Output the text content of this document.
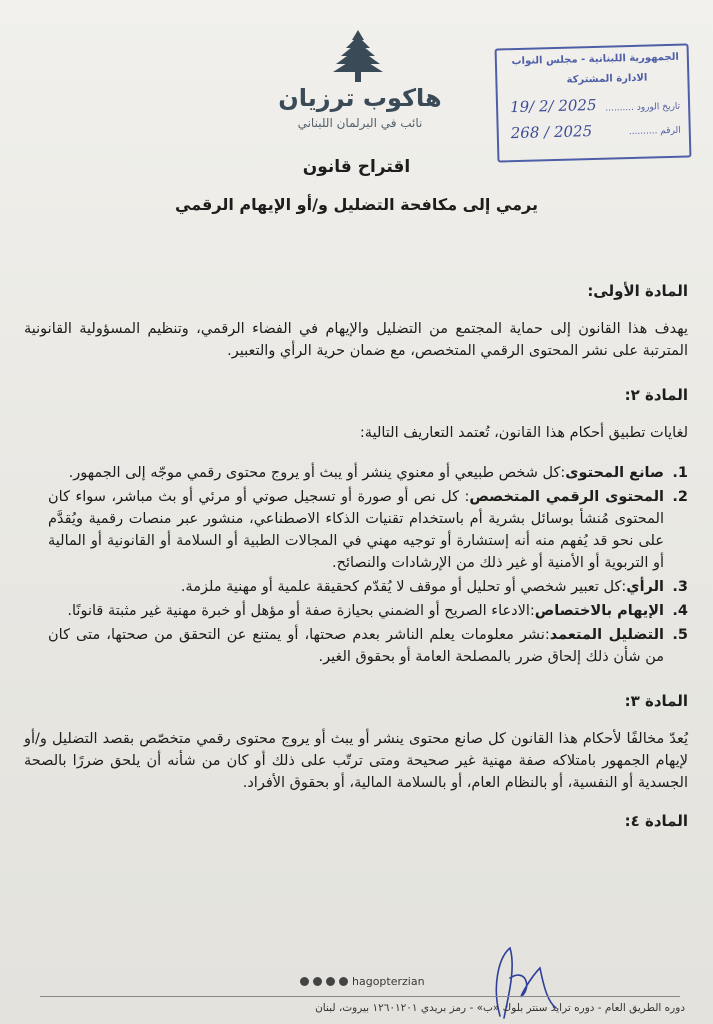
هاكوب ترزيان
نائب في البرلمان اللبناني
الجمهورية اللبنانية - مجلس النواب
الادارة المشتركة
تاريخ الورود ..........
الرقم ..........
19/ 2/ 2025
268 / 2025
اقتراح قانون
يرمي إلى مكافحة التضليل و/أو الإيهام الرقمي

المادة الأولى:

يهدف هذا القانون إلى حماية المجتمع من التضليل والإيهام في الفضاء الرقمي، وتنظيم المسؤولية القانونية المترتبة على نشر المحتوى الرقمي المتخصص، مع ضمان حرية الرأي والتعبير.

المادة ٢:

لغايات تطبيق أحكام هذا القانون، تُعتمد التعاريف التالية:

1.
صانع المحتوى:كل شخص طبيعي أو معنوي ينشر أو يبث أو يروج محتوى رقمي موجّه إلى الجمهور.
2.
المحتوى الرقمي المتخصص: كل نص أو صورة أو تسجيل صوتي أو مرئي أو بث مباشر، سواء كان المحتوى مُنشأ بوسائل بشرية أم باستخدام تقنيات الذكاء الاصطناعي، منشور عبر منصات رقمية ويُقدَّم على نحو قد يُفهم منه أنه إستشارة أو توجيه مهني في المجالات الطبية أو السلامة أو القانونية أو المالية أو التربوية أو الأمنية أو غير ذلك من الإرشادات والنصائح.
3.
الرأي:كل تعبير شخصي أو تحليل أو موقف لا يُقدّم كحقيقة علمية أو مهنية ملزمة.
4.
الإيهام بالاختصاص:الادعاء الصريح أو الضمني بحيازة صفة أو مؤهل أو خبرة مهنية غير مثبتة قانونًا.
5.
التضليل المتعمد:نشر معلومات يعلم الناشر بعدم صحتها، أو يمتنع عن التحقق من صحتها، متى كان من شأن ذلك إلحاق ضرر بالمصلحة العامة أو بحقوق الغير.

المادة ٣:

يُعدّ مخالفًا لأحكام هذا القانون كل صانع محتوى ينشر أو يبث أو يروج محتوى رقمي متخصّص بقصد التضليل و/أو لإيهام الجمهور بامتلاكه صفة مهنية غير صحيحة ومتى ترتّب على ذلك أو كان من شأنه أن يلحق ضررًا بالصحة الجسدية أو النفسية، أو بالنظام العام، أو بالسلامة المالية، أو بحقوق الأفراد.

المادة ٤:

hagopterzian
دوره الطريق العام - دوره ترايد سنتر بلوك «ب» - رمز بريدي ١٢٦٠١٢٠١ بيروت، لبنان
